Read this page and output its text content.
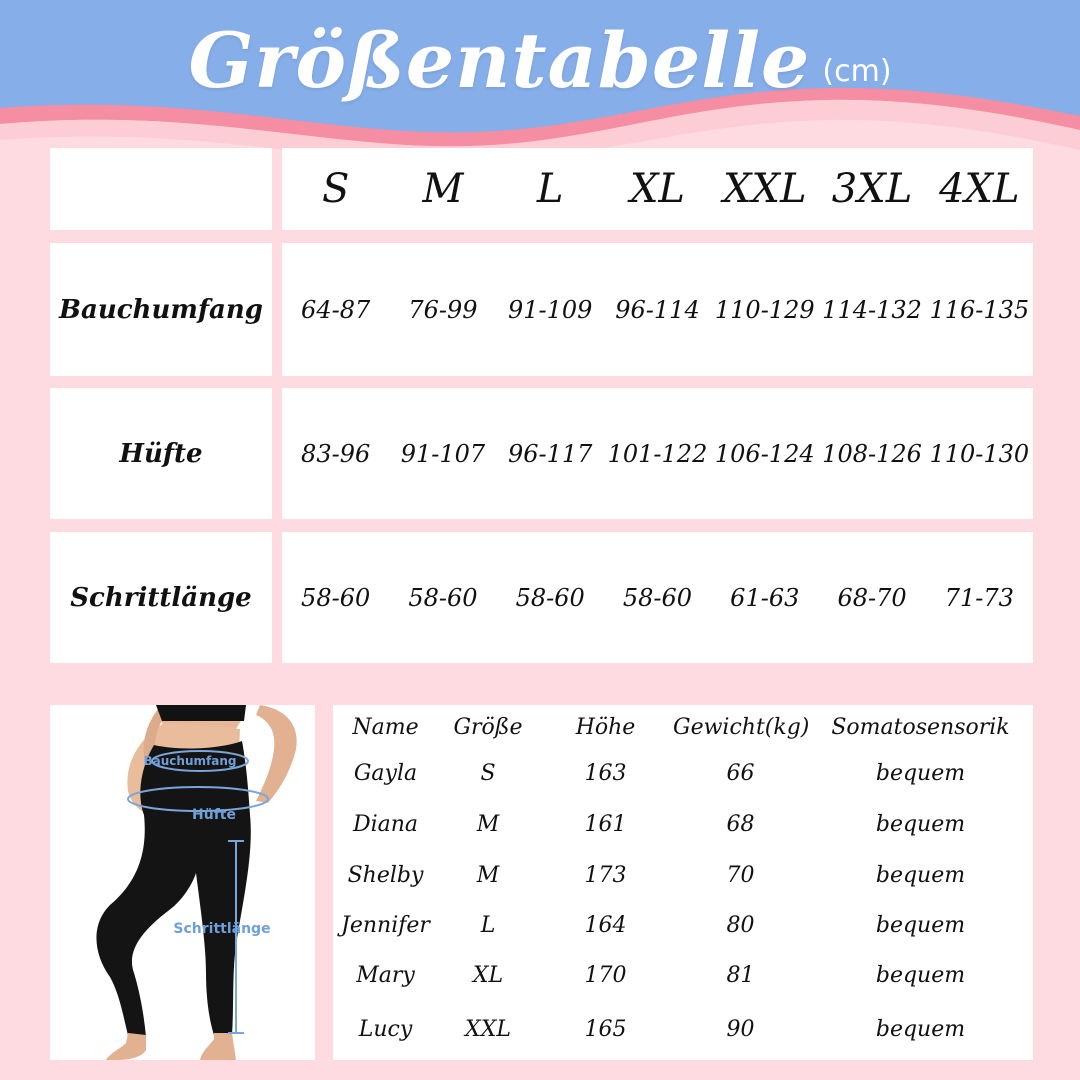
Größentabelle (cm)
S	M	L	XL XXL 3XL 4XL
Bauchumfang	64-87	76-99	91-109 96-114 110-129 114-132 116-135
Hüfte	83-96	91-107 96-117 101-122 106-124 108-126 110-130
Schrittlänge	58-60	58-60	58-60	58-60	61-63	68-70	71-73
Bauchumfang
Hüfte
Schrittlänge
Name	Größe	Höhe	Gewicht(kg) Somatosensorik
Gayla	S	163	66	bequem
Diana	M	161	68	bequem
Shelby	M	173	70	bequem
Jennifer	L	164	80	bequem
Mary	XL	170	81	bequem
Lucy	XXL	165	90	bequem
